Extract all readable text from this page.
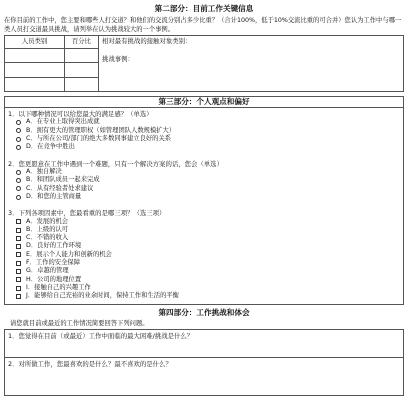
第二部分：目前工作关键信息
在你目前的工作中，您主要和哪些人打交道？和他们的交流分别占多少比重？（合计100%，低于10%交流比重的可合并）您认为工作中与哪一类人员打交道最具挑战，请列举在认为挑战较大的一个事例。
人员类别	百分比	相对最有挑战的接触对象类别：
挑战事例：

第三部分：个人观点和偏好
1．以下哪种情况可以给您最大的满足感？（单选）
A．在专业上取得突出成就
B．拥有更大的管理职权（如管理团队人数规模扩大）
C．与所在公司/部门的绝大多数同事建立良好的关系
D．在竞争中胜出
2．您更愿意在工作中遇到一个难题，只有一个解决方案的话，您会（单选）
A．独自解决
B．和团队成员一起来完成
C．从有经验者处求建议
D．和您的主管商量
3．下列各项因素中，您最看重的是哪三项？（选三项）
A．发展的机会
B．上级的认可
C．不错的收入
D．良好的工作环境
E．展示个人能力和创新的机会
F．工作的安全保障
G．卓越的管理
H．公司的地理位置
I．接触自己的兴趣工作
J．能够给自己充裕的业余时间，保持工作和生活的平衡
第四部分：工作挑战和体会
请您就目前或最近的工作情况简要回答下列问题。
1．您觉得在目前（或最近）工作中面临的最大困难/挑战是什么？
2．对所做工作，您最喜欢的是什么？最不喜欢的是什么？
